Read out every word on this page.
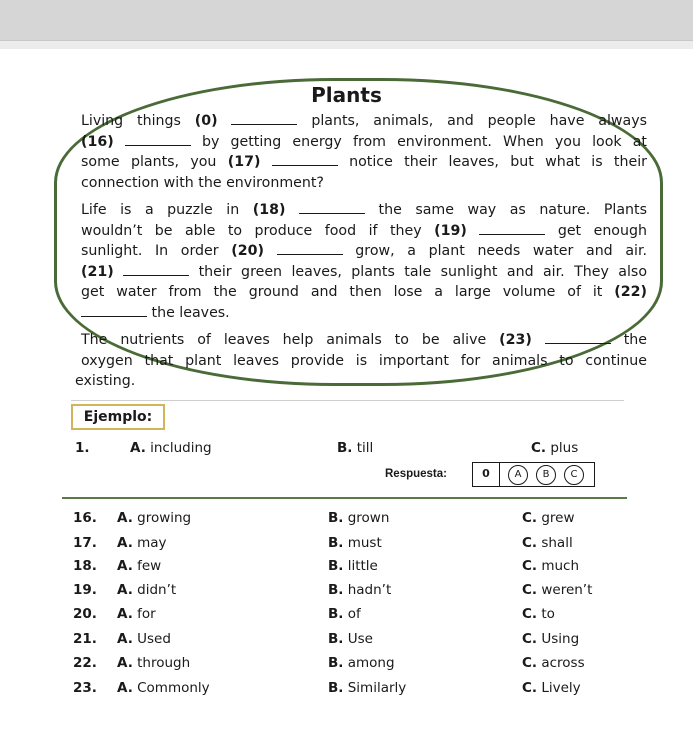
Plants
Living things (0)	plants, animals, and people have always
(16)	by getting energy from environment. When you look at
some plants, you (17)	notice their leaves, but what is their
connection with the environment?
Life is a puzzle in (18)	the same way as nature. Plants
wouldn’t be able to produce food if they (19)	get enough
sunlight. In order (20)	grow, a plant needs water and air.
(21)	their green leaves, plants tale sunlight and air. They also
get water from the ground and then lose a large volume of it (22)
the leaves.
The nutrients of leaves help animals to be alive (23)	the
oxygen that plant leaves provide is important for animals to continue
existing.
Ejemplo:
1.	A. including	B. till	C. plus
Respuesta:	0	A	B	C
16. A. growing	B. grown	C. grew
17. A. may	B. must	C. shall
18. A. few	B. little	C. much
19. A. didn’t	B. hadn’t	C. weren’t
20. A. for	B. of	C. to
21. A. Used	B. Use	C. Using
22. A. through	B. among	C. across
23. A. Commonly	B. Similarly	C. Lively
